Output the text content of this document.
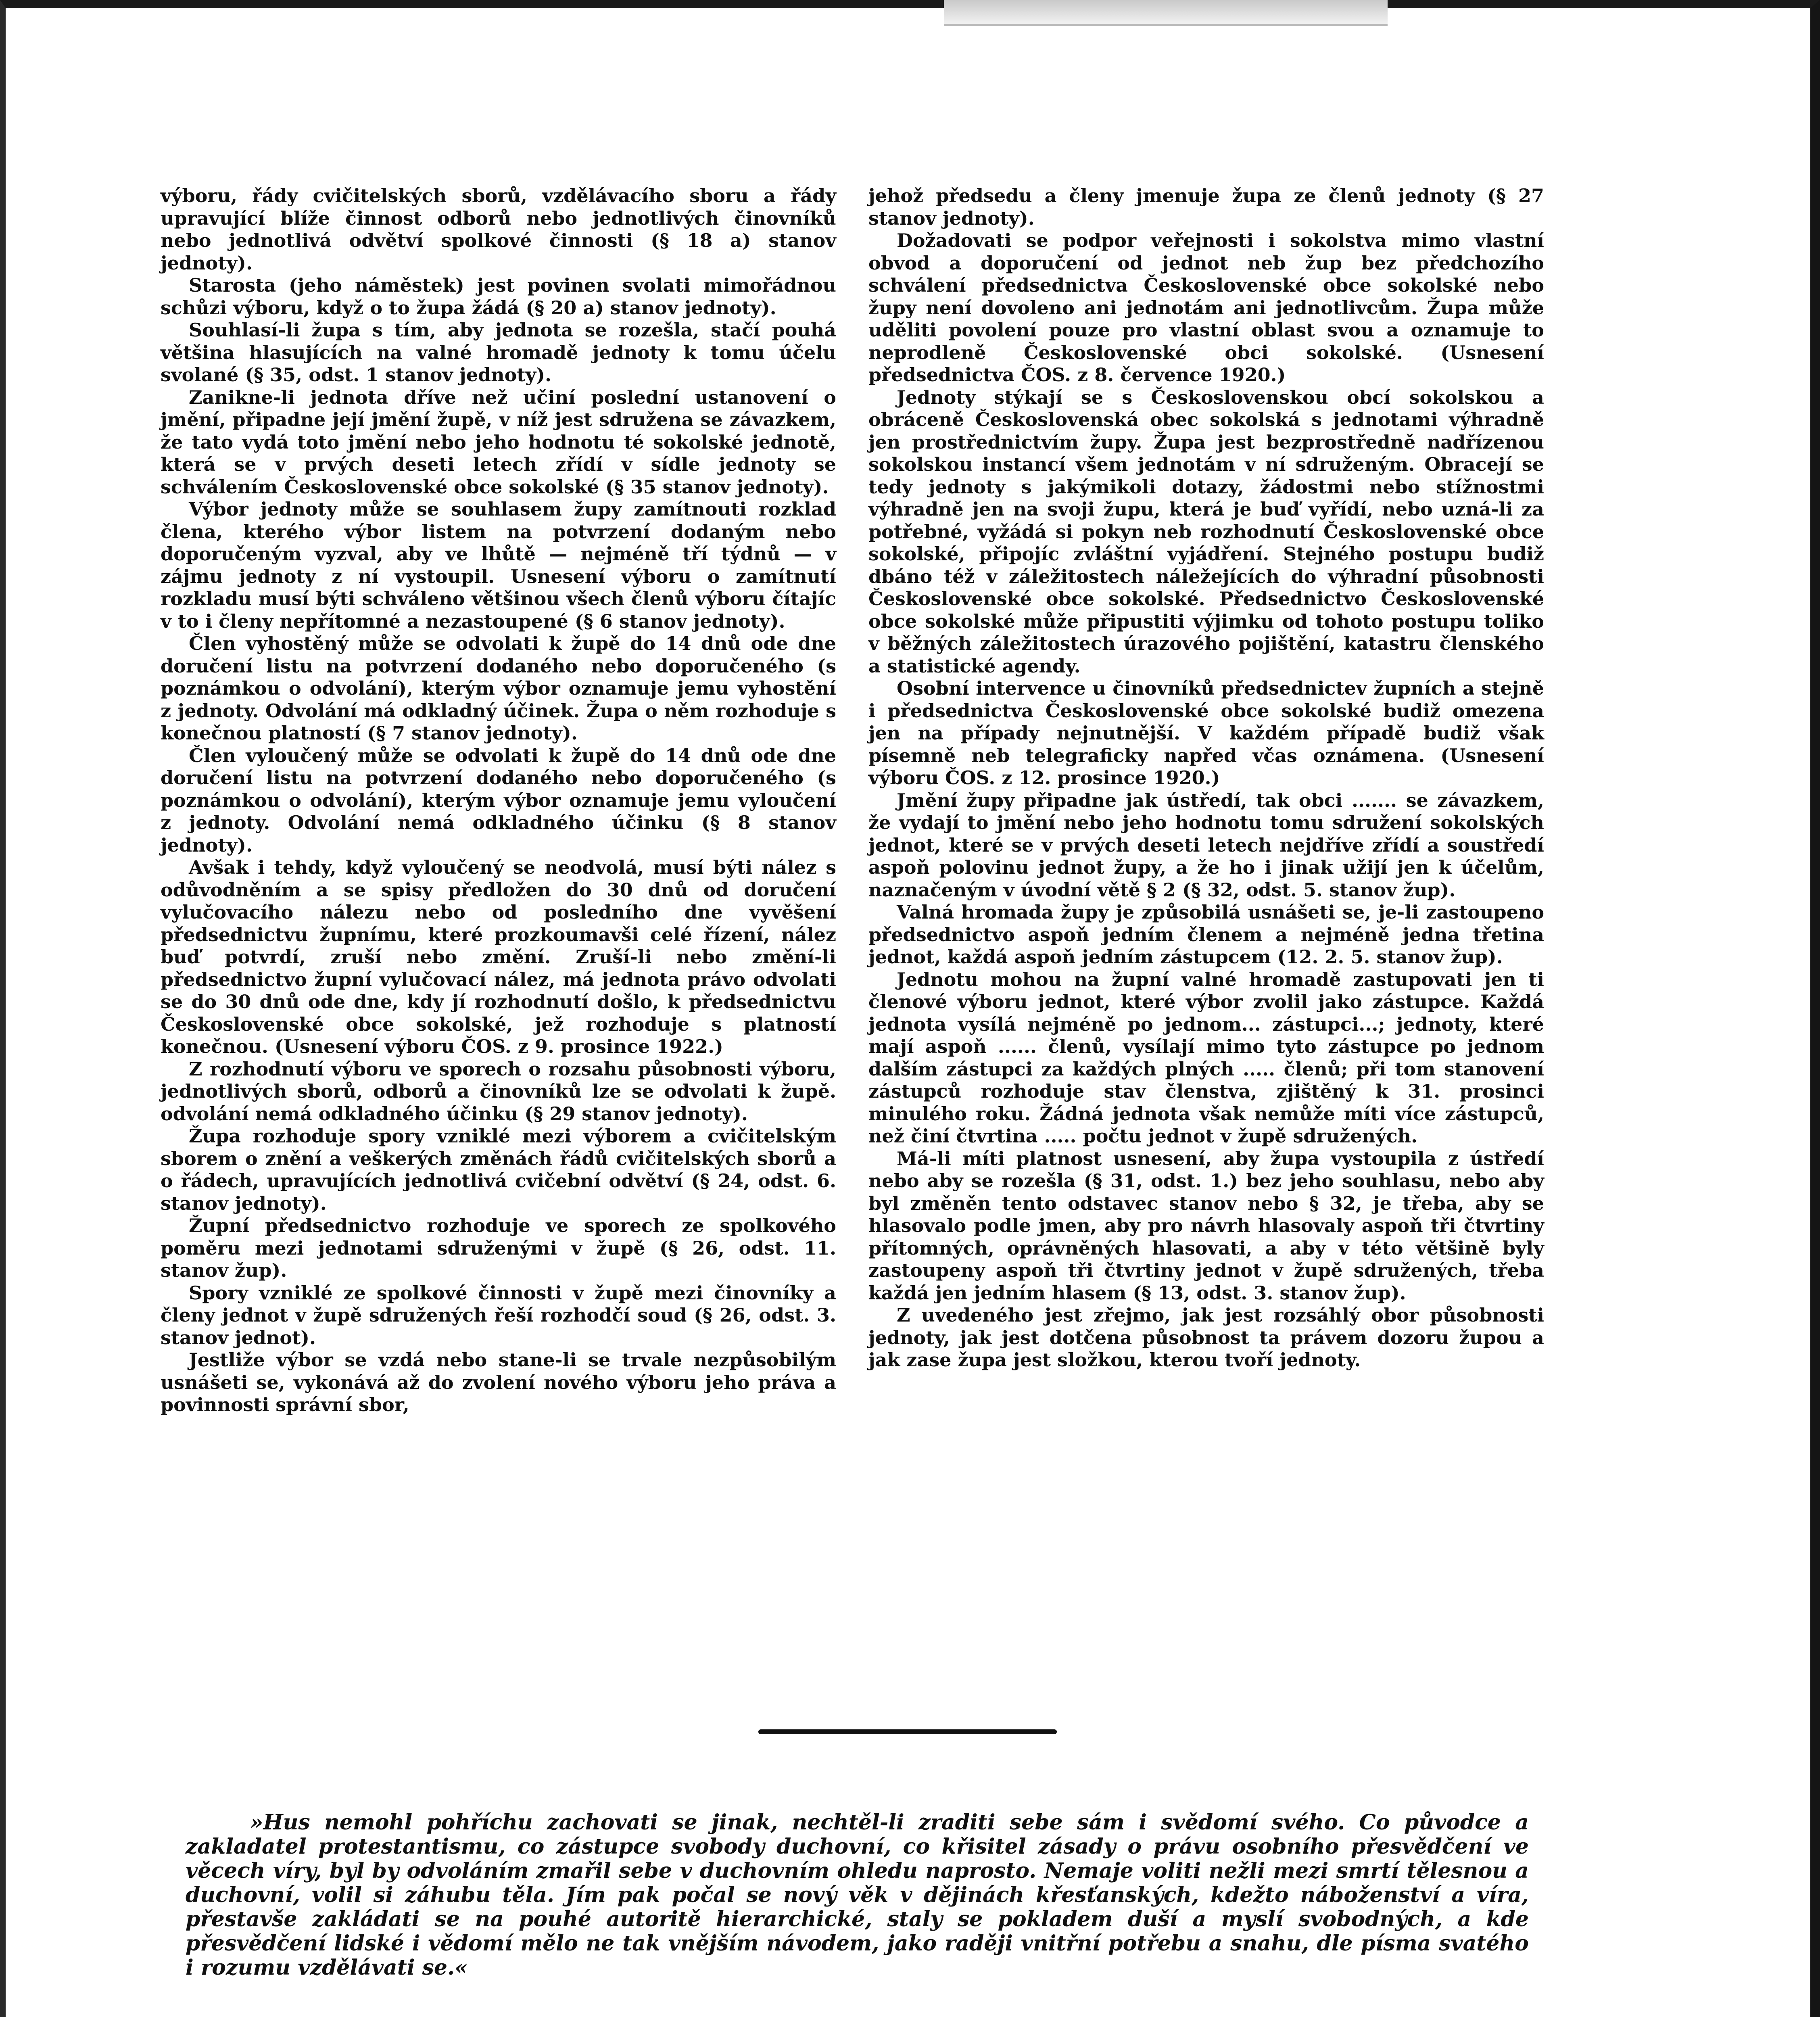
výboru, řády cvičitelských sborů, vzdělávacího sboru a řády upravující blíže činnost odborů nebo jednotlivých činovníků nebo jednotlivá odvětví spolkové činnosti (§ 18 a) stanov jednoty).

Starosta (jeho náměstek) jest povinen svolati mimořádnou schůzi výboru, když o to župa žádá (§ 20 a) stanov jednoty).

Souhlasí-li župa s tím, aby jednota se rozešla, stačí pouhá většina hlasujících na valné hromadě jednoty k tomu účelu svolané (§ 35, odst. 1 stanov jednoty).

Zanikne-li jednota dříve než učiní poslední ustanovení o jmění, připadne její jmění župě, v níž jest sdružena se závazkem, že tato vydá toto jmění nebo jeho hodnotu té sokolské jednotě, která se v prvých deseti letech zřídí v sídle jednoty se schválením Československé obce sokolské (§ 35 stanov jednoty).

Výbor jednoty může se souhlasem župy zamítnouti rozklad člena, kterého výbor listem na potvrzení dodaným nebo doporučeným vyzval, aby ve lhůtě — nejméně tří týdnů — v zájmu jednoty z ní vystoupil. Usnesení výboru o zamítnutí rozkladu musí býti schváleno většinou všech členů výboru čítajíc v to i členy nepřítomné a nezastoupené (§ 6 stanov jednoty).

Člen vyhostěný může se odvolati k župě do 14 dnů ode dne doručení listu na potvrzení dodaného nebo doporučeného (s poznámkou o odvolání), kterým výbor oznamuje jemu vyhostění z jednoty. Odvolání má odkladný účinek. Župa o něm rozhoduje s konečnou platností (§ 7 stanov jednoty).

Člen vyloučený může se odvolati k župě do 14 dnů ode dne doručení listu na potvrzení dodaného nebo doporučeného (s poznámkou o odvolání), kterým výbor oznamuje jemu vyloučení z jednoty. Odvolání nemá odkladného účinku (§ 8 stanov jednoty).

Avšak i tehdy, když vyloučený se neodvolá, musí býti nález s odůvodněním a se spisy předložen do 30 dnů od doručení vylučovacího nálezu nebo od posledního dne vyvěšení předsednictvu župnímu, které prozkoumavši celé řízení, nález buď potvrdí, zruší nebo změní. Zruší-li nebo změní-li předsednictvo župní vylučovací nález, má jednota právo odvolati se do 30 dnů ode dne, kdy jí rozhodnutí došlo, k předsednictvu Československé obce sokolské, jež rozhoduje s platností konečnou. (Usnesení výboru ČOS. z 9. prosince 1922.)

Z rozhodnutí výboru ve sporech o rozsahu působnosti výboru, jednotlivých sborů, odborů a činovníků lze se odvolati k župě. odvolání nemá odkladného účinku (§ 29 stanov jednoty).

Župa rozhoduje spory vzniklé mezi výborem a cvičitelským sborem o znění a veškerých změnách řádů cvičitelských sborů a o řádech, upravujících jednotlivá cvičební odvětví (§ 24, odst. 6. stanov jednoty).

Župní předsednictvo rozhoduje ve sporech ze spolkového poměru mezi jednotami sdruženými v župě (§ 26, odst. 11. stanov žup).

Spory vzniklé ze spolkové činnosti v župě mezi činovníky a členy jednot v župě sdružených řeší rozhodčí soud (§ 26, odst. 3. stanov jednot).

Jestliže výbor se vzdá nebo stane-li se trvale nezpůsobilým usnášeti se, vykonává až do zvolení nového výboru jeho práva a povinnosti správní sbor,

jehož předsedu a členy jmenuje župa ze členů jednoty (§ 27 stanov jednoty).

Dožadovati se podpor veřejnosti i sokolstva mimo vlastní obvod a doporučení od jednot neb žup bez předchozího schválení předsednictva Československé obce sokolské nebo župy není dovoleno ani jednotám ani jednotlivcům. Župa může uděliti povolení pouze pro vlastní oblast svou a oznamuje to neprodleně Československé obci sokolské. (Usnesení předsednictva ČOS. z 8. července 1920.)

Jednoty stýkají se s Československou obcí sokolskou a obráceně Československá obec sokolská s jednotami výhradně jen prostřednictvím župy. Župa jest bezprostředně nadřízenou sokolskou instancí všem jednotám v ní sdruženým. Obracejí se tedy jednoty s jakýmikoli dotazy, žádostmi nebo stížnostmi výhradně jen na svoji župu, která je buď vyřídí, nebo uzná-li za potřebné, vyžádá si pokyn neb rozhodnutí Československé obce sokolské, připojíc zvláštní vyjádření. Stejného postupu budiž dbáno též v záležitostech náležejících do výhradní působnosti Československé obce sokolské. Předsednictvo Československé obce sokolské může připustiti výjimku od tohoto postupu toliko v běžných záležitostech úrazového pojištění, katastru členského a statistické agendy.

Osobní intervence u činovníků předsednictev župních a stejně i předsednictva Československé obce sokolské budiž omezena jen na případy nejnutnější. V každém případě budiž však písemně neb telegraficky napřed včas oznámena. (Usnesení výboru ČOS. z 12. prosince 1920.)

Jmění župy připadne jak ústředí, tak obci ....... se závazkem, že vydají to jmění nebo jeho hodnotu tomu sdružení sokolských jednot, které se v prvých deseti letech nejdříve zřídí a soustředí aspoň polovinu jednot župy, a že ho i jinak užijí jen k účelům, naznačeným v úvodní větě § 2 (§ 32, odst. 5. stanov žup).

Valná hromada župy je způsobilá usnášeti se, je-li zastoupeno předsednictvo aspoň jedním členem a nejméně jedna třetina jednot, každá aspoň jedním zástupcem (12. 2. 5. stanov žup).

Jednotu mohou na župní valné hromadě zastupovati jen ti členové výboru jednot, které výbor zvolil jako zástupce. Každá jednota vysílá nejméně po jednom... zástupci...; jednoty, které mají aspoň ...... členů, vysílají mimo tyto zástupce po jednom dalším zástupci za každých plných ..... členů; při tom stanovení zástupců rozhoduje stav členstva, zjištěný k 31. prosinci minulého roku. Žádná jednota však nemůže míti více zástupců, než činí čtvrtina ..... počtu jednot v župě sdružených.

Má-li míti platnost usnesení, aby župa vystoupila z ústředí nebo aby se rozešla (§ 31, odst. 1.) bez jeho souhlasu, nebo aby byl změněn tento odstavec stanov nebo § 32, je třeba, aby se hlasovalo podle jmen, aby pro návrh hlasovaly aspoň tři čtvrtiny přítomných, oprávněných hlasovati, a aby v této většině byly zastoupeny aspoň tři čtvrtiny jednot v župě sdružených, třeba každá jen jedním hlasem (§ 13, odst. 3. stanov žup).

Z uvedeného jest zřejmo, jak jest rozsáhlý obor působnosti jednoty, jak jest dotčena působnost ta právem dozoru župou a jak zase župa jest složkou, kterou tvoří jednoty.

»Hus nemohl pohříchu zachovati se jinak, nechtěl-li zraditi sebe sám i svědomí svého. Co původce a zakladatel protestantismu, co zástupce svobody duchovní, co křisitel zásady o právu osobního přesvědčení ve věcech víry, byl by odvoláním zmařil sebe v duchovním ohledu naprosto. Nemaje voliti nežli mezi smrtí tělesnou a duchovní, volil si záhubu těla. Jím pak počal se nový věk v dějinách křesťanských, kdežto náboženství a víra, přestavše zakládati se na pouhé autoritě hierarchické, staly se pokladem duší a myslí svobodných, a kde přesvědčení lidské i vědomí mělo ne tak vnějším návodem, jako raději vnitřní potřebu a snahu, dle písma svatého i rozumu vzdělávati se.«
